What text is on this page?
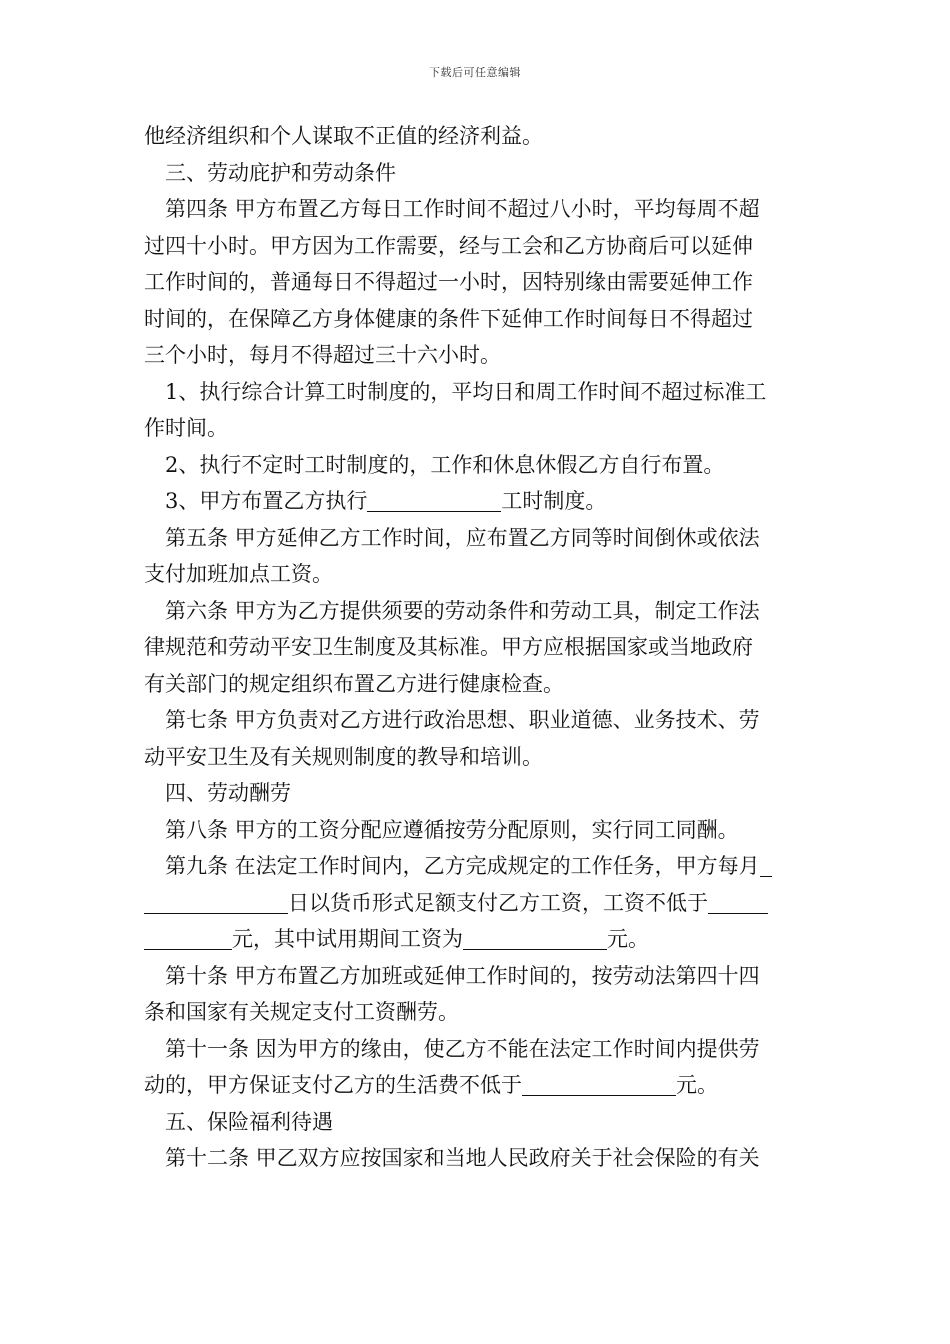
下载后可任意编辑
他经济组织和个人谋取不正值的经济利益。
三、劳动庇护和劳动条件
第四条 甲方布置乙方每日工作时间不超过八小时，平均每周不超
过四十小时。甲方因为工作需要，经与工会和乙方协商后可以延伸
工作时间的，普通每日不得超过一小时，因特别缘由需要延伸工作
时间的，在保障乙方身体健康的条件下延伸工作时间每日不得超过
三个小时，每月不得超过三十六小时。
1、执行综合计算工时制度的，平均日和周工作时间不超过标准工
作时间。
2、执行不定时工时制度的，工作和休息休假乙方自行布置。
3、甲方布置乙方执行	工时制度。
第五条 甲方延伸乙方工作时间，应布置乙方同等时间倒休或依法
支付加班加点工资。
第六条 甲方为乙方提供须要的劳动条件和劳动工具，制定工作法
律规范和劳动平安卫生制度及其标准。甲方应根据国家或当地政府
有关部门的规定组织布置乙方进行健康检查。
第七条 甲方负责对乙方进行政治思想、职业道德、业务技术、劳
动平安卫生及有关规则制度的教导和培训。
四、劳动酬劳
第八条 甲方的工资分配应遵循按劳分配原则，实行同工同酬。
第九条 在法定工作时间内，乙方完成规定的工作任务，甲方每月
日以货币形式足额支付乙方工资，工资不低于
元，其中试用期间工资为	元。
第十条 甲方布置乙方加班或延伸工作时间的，按劳动法第四十四
条和国家有关规定支付工资酬劳。
第十一条 因为甲方的缘由，使乙方不能在法定工作时间内提供劳
动的，甲方保证支付乙方的生活费不低于	元。
五、保险福利待遇
第十二条 甲乙双方应按国家和当地人民政府关于社会保险的有关
